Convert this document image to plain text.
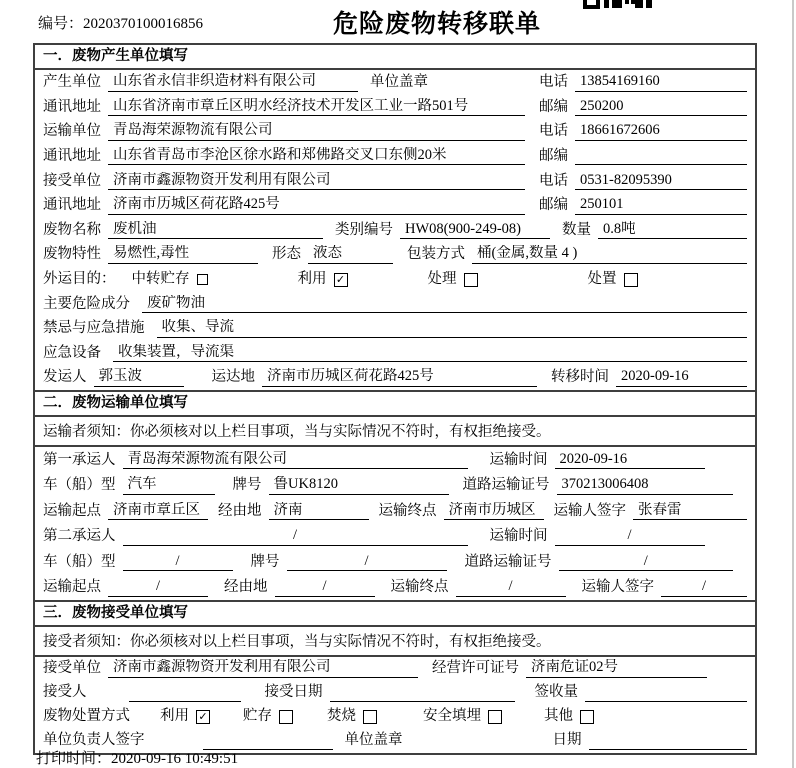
编号：2020370100016856	危险废物转移联单
一．废物产生单位填写
产生单位 山东省永信非织造材料有限公司	单位盖章	电话 13854169160
通讯地址 山东省济南市章丘区明水经济技术开发区工业一路501号	邮编 250200
运输单位 青岛海荣源物流有限公司	电话 18661672606
通讯地址 山东省青岛市李沧区徐水路和郑佛路交叉口东侧20米	邮编
接受单位 济南市鑫源物资开发利用有限公司	电话 0531-82095390
通讯地址 济南市历城区荷花路425号	邮编 250101
废物名称 废机油	类别编号 HW08(900-249-08)	数量 0.8吨
废物特性 易燃性,毒性	形态 液态	包装方式 桶(金属,数量 4 )
外运目的： 中转贮存	利用 ✓	处理	处置
主要危险成分	废矿物油
禁忌与应急措施	收集、导流
应急设备	收集装置，导流渠
发运人 郭玉波	运达地 济南市历城区荷花路425号	转移时间 2020-09-16
二．废物运输单位填写
运输者须知： 你必须核对以上栏目事项，当与实际情况不符时，有权拒绝接受。
第一承运人 青岛海荣源物流有限公司	运输时间 2020-09-16
车（船）型 汽车	牌号 鲁UK8120	道路运输证号 370213006408
运输起点 济南市章丘区	经由地 济南	运输终点 济南市历城区	运输人签字 张春雷
第二承运人	/	运输时间	/
车（船）型	/	牌号	/	道路运输证号	/
运输起点	/	经由地	/	运输终点	/	运输人签字	/
三．废物接受单位填写
接受者须知： 你必须核对以上栏目事项，当与实际情况不符时，有权拒绝接受。
接受单位 济南市鑫源物资开发利用有限公司	经营许可证号 济南危证02号
接受人	接受日期	签收量
废物处置方式 利用 ✓ 贮存	焚烧	安全填埋	其他
单位负责人签字	单位盖章	日期
打印时间：2020-09-16 10:49:51
